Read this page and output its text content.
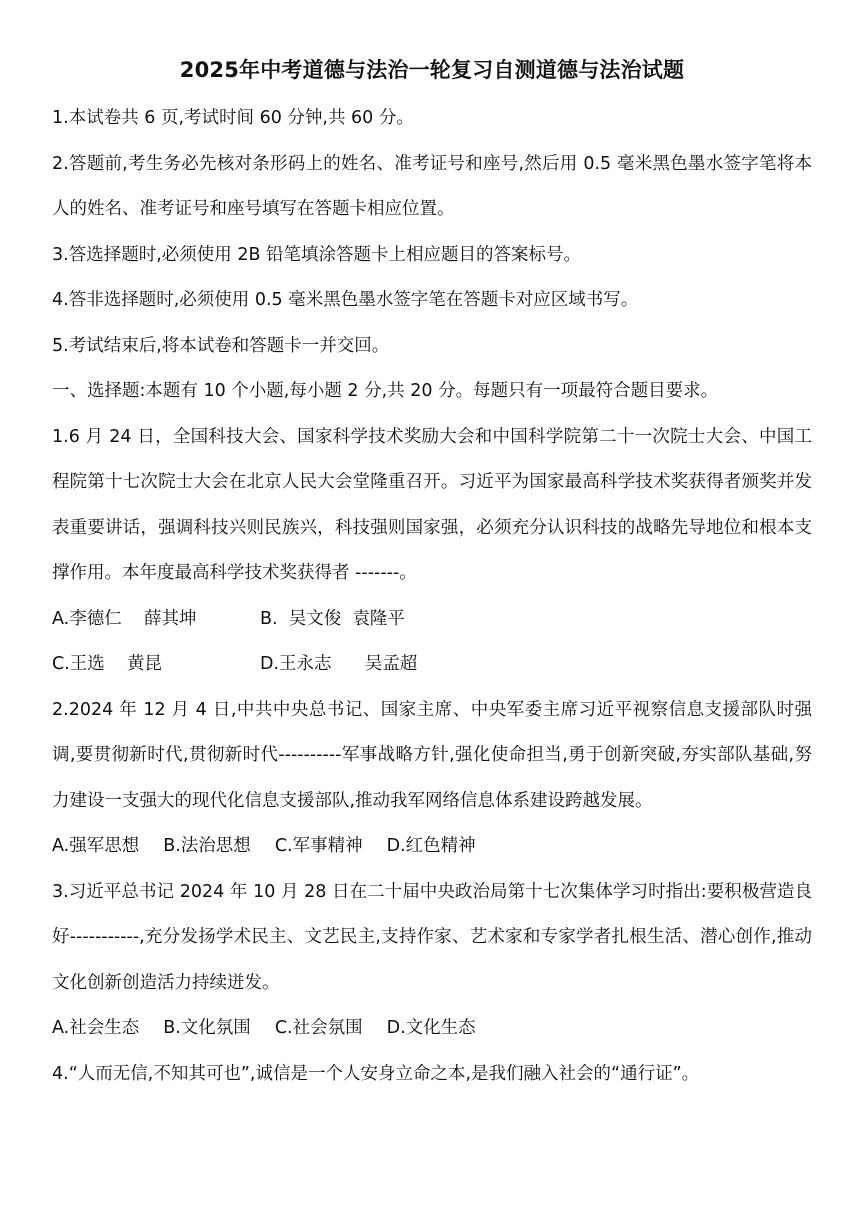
2025年中考道德与法治一轮复习自测道德与法治试题

1.本试卷共 6 页,考试时间 60 分钟,共 60 分。

2.答题前,考生务必先核对条形码上的姓名、准考证号和座号,然后用 0.5 毫米黑色墨水签字笔将本人的姓名、准考证号和座号填写在答题卡相应位置。

3.答选择题时,必须使用 2B 铅笔填涂答题卡上相应题目的答案标号。

4.答非选择题时,必须使用 0.5 毫米黑色墨水签字笔在答题卡对应区域书写。

5.考试结束后,将本试卷和答题卡一并交回。

一、选择题:本题有 10 个小题,每小题 2 分,共 20 分。每题只有一项最符合题目要求。

1.6 月 24 日，全国科技大会、国家科学技术奖励大会和中国科学院第二十一次院士大会、中国工程院第十七次院士大会在北京人民大会堂隆重召开。习近平为国家最高科学技术奖获得者颁奖并发表重要讲话，强调科技兴则民族兴，科技强则国家强，必须充分认识科技的战略先导地位和根本支撑作用。本年度最高科学技术奖获得者 -------。

A.李德仁    薛其坤	B.  吴文俊  袁隆平
C.王选    黄昆	D.王永志      吴孟超

2.2024 年 12 月 4 日,中共中央总书记、国家主席、中央军委主席习近平视察信息支援部队时强调,要贯彻新时代,贯彻新时代----------军事战略方针,强化使命担当,勇于创新突破,夯实部队基础,努力建设一支强大的现代化信息支援部队,推动我军网络信息体系建设跨越发展。

A.强军思想 B.法治思想 C.军事精神 D.红色精神

3.习近平总书记 2024 年 10 月 28 日在二十届中央政治局第十七次集体学习时指出:要积极营造良好-----------,充分发扬学术民主、文艺民主,支持作家、艺术家和专家学者扎根生活、潜心创作,推动文化创新创造活力持续迸发。

A.社会生态 B.文化氛围 C.社会氛围 D.文化生态

4.“人而无信,不知其可也”,诚信是一个人安身立命之本,是我们融入社会的“通行证”。
